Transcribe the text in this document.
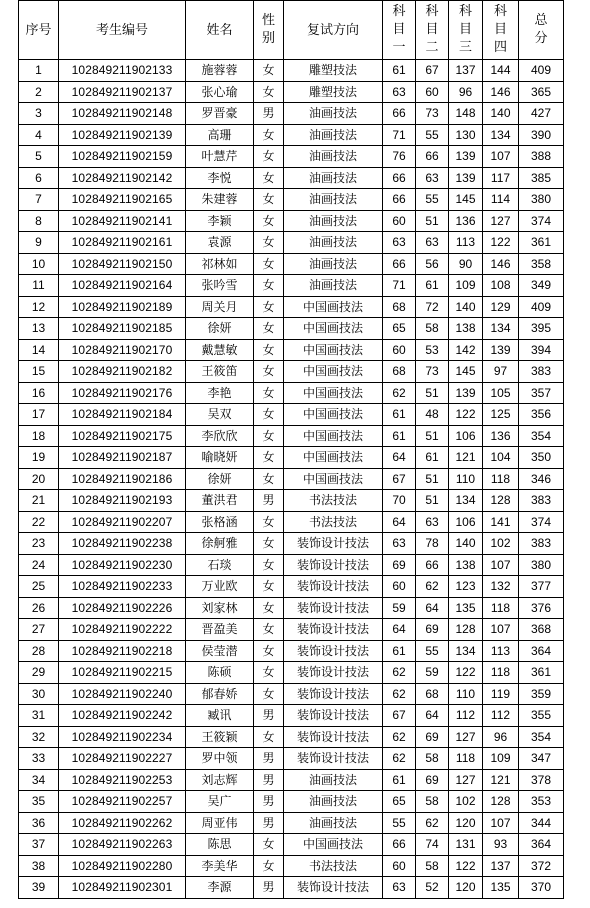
序号	考生编号	姓名	性别	复试方向	科目一	科目二	科目三	科目四	总分
1	102849211902133	施蓉蓉	女	雕塑技法	61	67	137	144	409
2	102849211902137	张心瑜	女	雕塑技法	63	60	96	146	365
3	102849211902148	罗晋豪	男	油画技法	66	73	148	140	427
4	102849211902139	高珊	女	油画技法	71	55	130	134	390
5	102849211902159	叶慧芹	女	油画技法	76	66	139	107	388
6	102849211902142	李悦	女	油画技法	66	63	139	117	385
7	102849211902165	朱建蓉	女	油画技法	66	55	145	114	380
8	102849211902141	李颖	女	油画技法	60	51	136	127	374
9	102849211902161	袁源	女	油画技法	63	63	113	122	361
10	102849211902150	祁林如	女	油画技法	66	56	90	146	358
11	102849211902164	张吟雪	女	油画技法	71	61	109	108	349
12	102849211902189	周关月	女	中国画技法	68	72	140	129	409
13	102849211902185	徐妍	女	中国画技法	65	58	138	134	395
14	102849211902170	戴慧敏	女	中国画技法	60	53	142	139	394
15	102849211902182	王筱笛	女	中国画技法	68	73	145	97	383
16	102849211902176	李艳	女	中国画技法	62	51	139	105	357
17	102849211902184	吴双	女	中国画技法	61	48	122	125	356
18	102849211902175	李欣欣	女	中国画技法	61	51	106	136	354
19	102849211902187	喻晓妍	女	中国画技法	64	61	121	104	350
20	102849211902186	徐妍	女	中国画技法	67	51	110	118	346
21	102849211902193	董洪君	男	书法技法	70	51	134	128	383
22	102849211902207	张格涵	女	书法技法	64	63	106	141	374
23	102849211902238	徐舸雅	女	装饰设计技法	63	78	140	102	383
24	102849211902230	石琰	女	装饰设计技法	69	66	138	107	380
25	102849211902233	万业欧	女	装饰设计技法	60	62	123	132	377
26	102849211902226	刘家林	女	装饰设计技法	59	64	135	118	376
27	102849211902222	晋盈美	女	装饰设计技法	64	69	128	107	368
28	102849211902218	侯莹潜	女	装饰设计技法	61	55	134	113	364
29	102849211902215	陈硕	女	装饰设计技法	62	59	122	118	361
30	102849211902240	郁春娇	女	装饰设计技法	62	68	110	119	359
31	102849211902242	臧讯	男	装饰设计技法	67	64	112	112	355
32	102849211902234	王筱颖	女	装饰设计技法	62	69	127	96	354
33	102849211902227	罗中领	男	装饰设计技法	62	58	118	109	347
34	102849211902253	刘志辉	男	油画技法	61	69	127	121	378
35	102849211902257	吴广	男	油画技法	65	58	102	128	353
36	102849211902262	周亚伟	男	油画技法	55	62	120	107	344
37	102849211902263	陈思	女	中国画技法	66	74	131	93	364
38	102849211902280	李美华	女	书法技法	60	58	122	137	372
39	102849211902301	李源	男	装饰设计技法	63	52	120	135	370
